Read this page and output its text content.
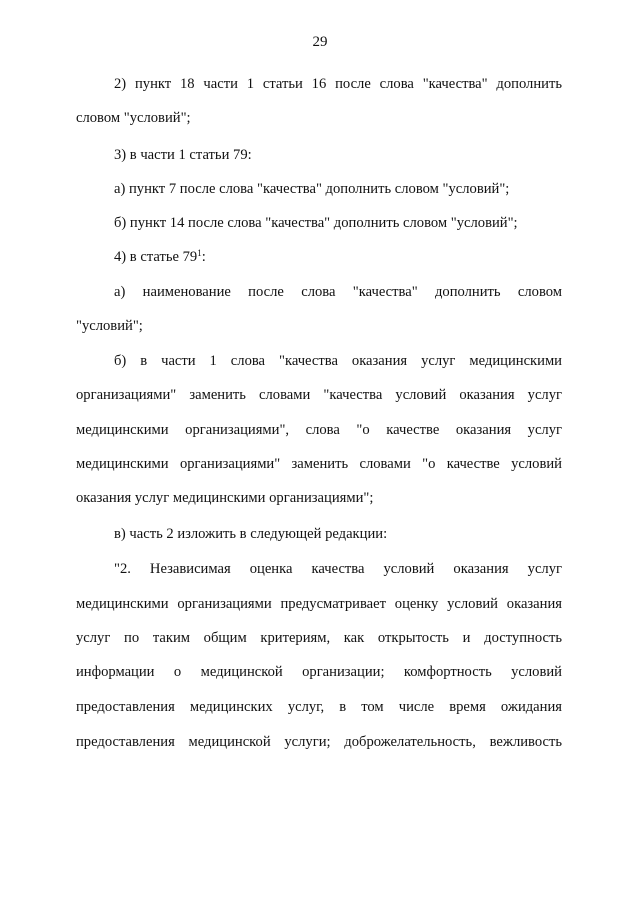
29
2) пункт 18 части 1 статьи 16 после слова "качества" дополнить
словом "условий";
3) в части 1 статьи 79:
а) пункт 7 после слова "качества" дополнить словом "условий";
б) пункт 14 после слова "качества" дополнить словом "условий";
4) в статье $79^1$:
а) наименование после слова "качества" дополнить словом
"условий";
б) в части 1 слова "качества оказания услуг медицинскими
организациями" заменить словами "качества условий оказания услуг
медицинскими организациями", слова "о качестве оказания услуг
медицинскими организациями" заменить словами "о качестве условий
оказания услуг медицинскими организациями";
в) часть 2 изложить в следующей редакции:
"2. Независимая оценка качества условий оказания услуг
медицинскими организациями предусматривает оценку условий оказания
услуг по таким общим критериям, как открытость и доступность
информации о медицинской организации; комфортность условий
предоставления медицинских услуг, в том числе время ожидания
предоставления медицинской услуги; доброжелательность, вежливость
